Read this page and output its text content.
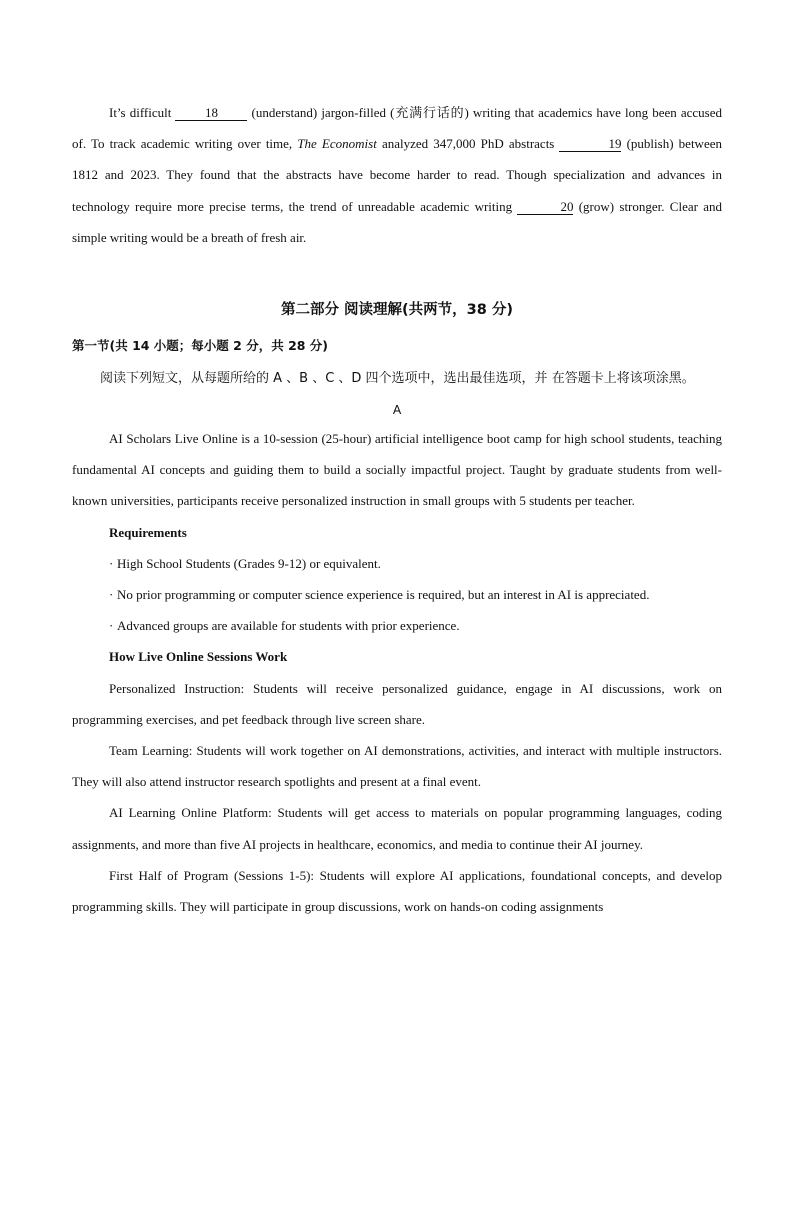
It’s difficult 18 (understand) jargon-filled (充满行话的) writing that academics have long been accused of. To track academic writing over time, The Economist analyzed 347,000 PhD abstracts	19 (publish) between 1812 and 2023. They found that the abstracts have become harder to read. Though specialization and advances in technology require more precise terms, the trend of unreadable academic writing	20 (grow) stronger. Clear and simple writing would be a breath of fresh air.

第二部分 阅读理解(共两节，38 分)
第一节(共 14 小题；每小题 2 分，共 28 分)

阅读下列短文，从每题所给的 A 、B 、C 、D 四个选项中，选出最佳选项，并 在答题卡上将该项涂黑。

A

AI Scholars Live Online is a 10-session (25-hour) artificial intelligence boot camp for high school students, teaching fundamental AI concepts and guiding them to build a socially impactful project. Taught by graduate students from well-known universities, participants receive personalized instruction in small groups with 5 students per teacher.

Requirements

· High School Students (Grades 9-12) or equivalent.

· No prior programming or computer science experience is required, but an interest in AI is appreciated.

· Advanced groups are available for students with prior experience.

How Live Online Sessions Work

Personalized Instruction: Students will receive personalized guidance, engage in AI discussions, work on programming exercises, and pet feedback through live screen share.

Team Learning: Students will work together on AI demonstrations, activities, and interact with multiple instructors. They will also attend instructor research spotlights and present at a final event.

AI Learning Online Platform: Students will get access to materials on popular programming languages, coding assignments, and more than five AI projects in healthcare, economics, and media to continue their AI journey.

First Half of Program (Sessions 1-5): Students will explore AI applications, foundational concepts, and develop programming skills. They will participate in group discussions, work on hands-on coding assignments
